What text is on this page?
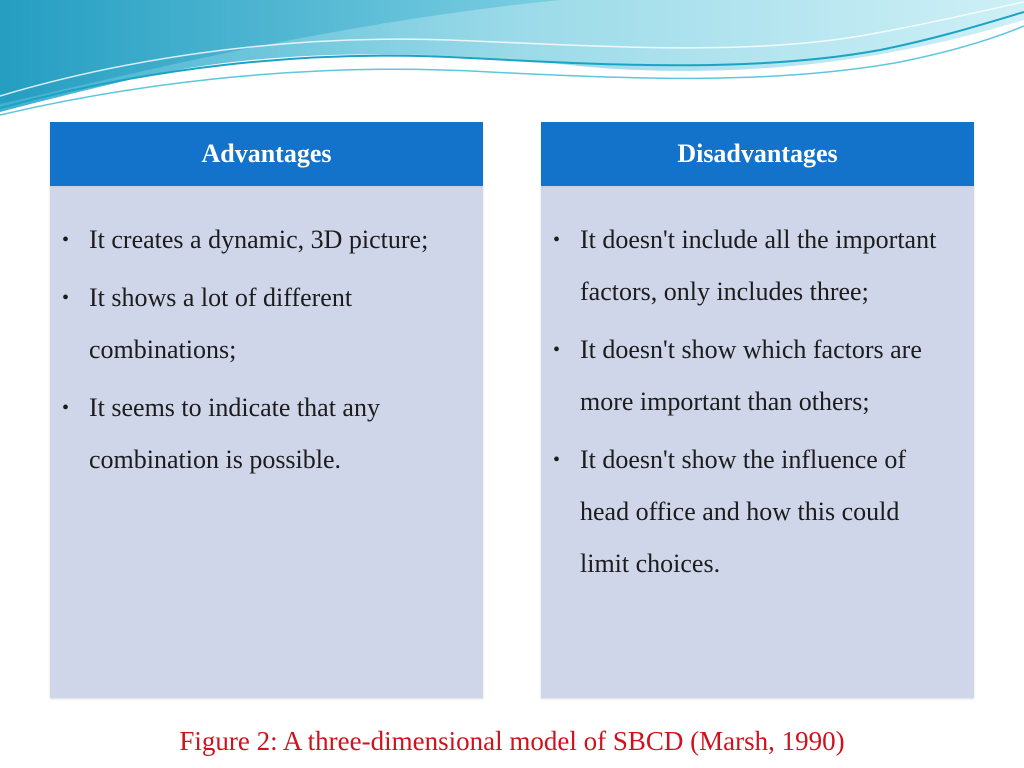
Advantages
• It creates a dynamic, 3D picture;
• It shows a lot of different combinations;
• It seems to indicate that any combination is possible.
Disadvantages
• It doesn't include all the important factors, only includes three;
• It doesn't show which factors are more important than others;
• It doesn't show the influence of head office and how this could limit choices.
Figure 2: A three-dimensional model of SBCD (Marsh, 1990)
